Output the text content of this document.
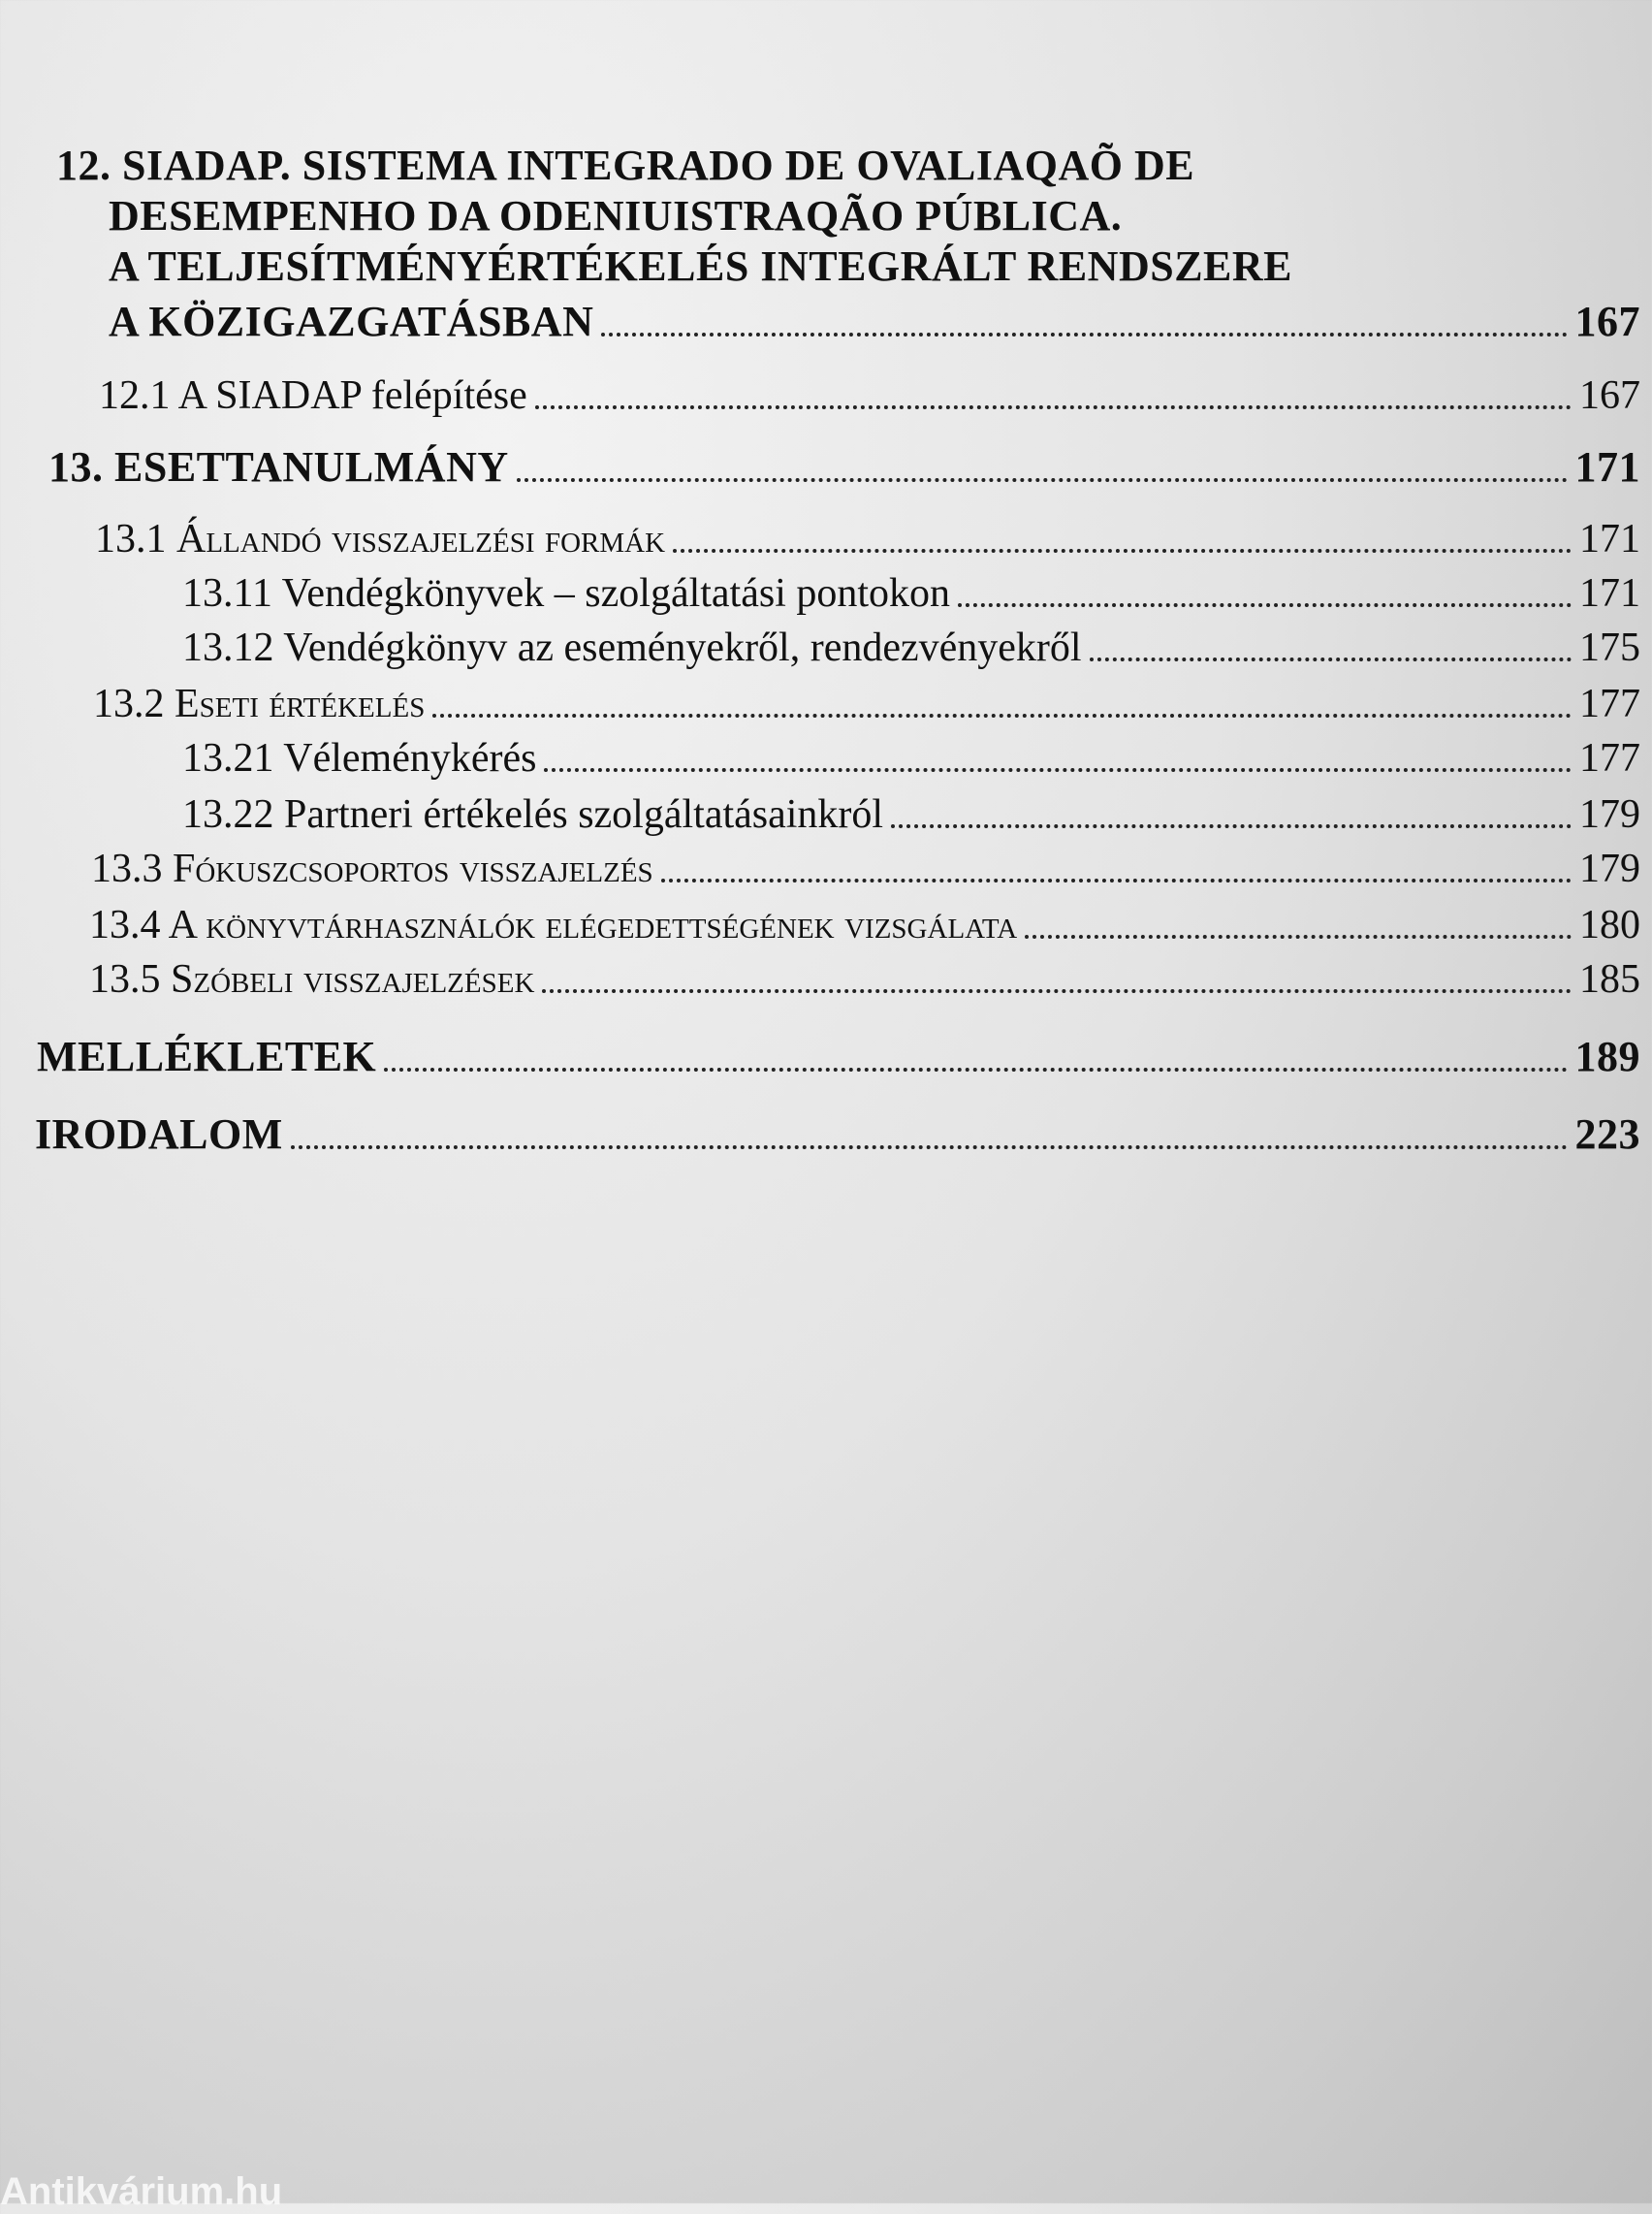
12. SIADAP. SISTEMA INTEGRADO DE OVALIAQAÕ DE
DESEMPENHO DA ODENIUISTRAQÃO PÚBLICA.
A TELJESÍTMÉNYÉRTÉKELÉS INTEGRÁLT RENDSZERE
A KÖZIGAZGATÁSBAN	167
12.1 A SIADAP felépítése	167
13. ESETTANULMÁNY	171
13.1 Állandó visszajelzési formák	171
13.11 Vendégkönyvek – szolgáltatási pontokon	171
13.12 Vendégkönyv az eseményekről, rendezvényekről	175
13.2 Eseti értékelés	177
13.21 Véleménykérés	177
13.22 Partneri értékelés szolgáltatásainkról	179
13.3 Fókuszcsoportos visszajelzés	179
13.4 A könyvtárhasználók elégedettségének vizsgálata	180
13.5 Szóbeli visszajelzések	185
MELLÉKLETEK	189
IRODALOM	223
Antikvárium.hu
